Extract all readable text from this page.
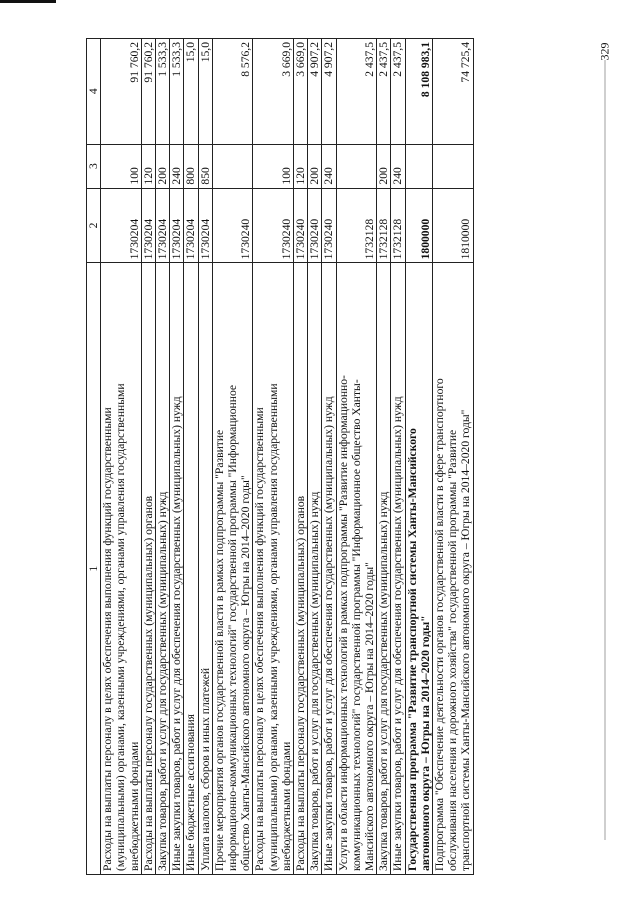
329
1	2	3	4

Расходы на выплаты персоналу в целях обеспечения выполнения функций государственными (муниципальными) органами, казенными учреждениями, органами управления государственными внебюджетными фондами	1730204	100	91 760,2

Расходы на выплаты персоналу государственных (муниципальных) органов	1730204	120	91 760,2

Закупка товаров, работ и услуг для государственных (муниципальных) нужд	1730204	200	1 533,3

Иные закупки товаров, работ и услуг для обеспечения государственных (муниципальных) нужд	1730204	240	1 533,3

Иные бюджетные ассигнования	1730204	800	15,0

Уплата налогов, сборов и иных платежей	1730204	850	15,0

Прочие мероприятия органов государственной власти в рамках подпрограммы "Развитие информационно-коммуникационных технологий" государственной программы "Информационное общество Ханты-Мансийского автономного округа – Югры на 2014–2020 годы"	1730240		8 576,2

Расходы на выплаты персоналу в целях обеспечения выполнения функций государственными (муниципальными) органами, казенными учреждениями, органами управления государственными внебюджетными фондами	1730240	100	3 669,0

Расходы на выплаты персоналу государственных (муниципальных) органов	1730240	120	3 669,0

Закупка товаров, работ и услуг для государственных (муниципальных) нужд	1730240	200	4 907,2

Иные закупки товаров, работ и услуг для обеспечения государственных (муниципальных) нужд	1730240	240	4 907,2

Услуги в области информационных технологий в рамках подпрограммы "Развитие информационно- коммуникационных технологий" государственной программы "Информационное общество Ханты- Мансийского автономного округа – Югры на 2014–2020 годы"	1732128		2 437,5

Закупка товаров, работ и услуг для государственных (муниципальных) нужд	1732128	200	2 437,5

Иные закупки товаров, работ и услуг для обеспечения государственных (муниципальных) нужд	1732128	240	2 437,5

Государственная программа "Развитие транспортной системы Ханты-Мансийского автономного округа – Югры на 2014–2020 годы"	1800000		8 108 983,1

Подпрограмма "Обеспечение деятельности органов государственной власти в сфере транспортного обслуживания населения и дорожного хозяйства" государственной программы "Развитие транспортной системы Ханты-Мансийского автономного округа – Югры на 2014–2020 годы"	1810000		74 725,4
